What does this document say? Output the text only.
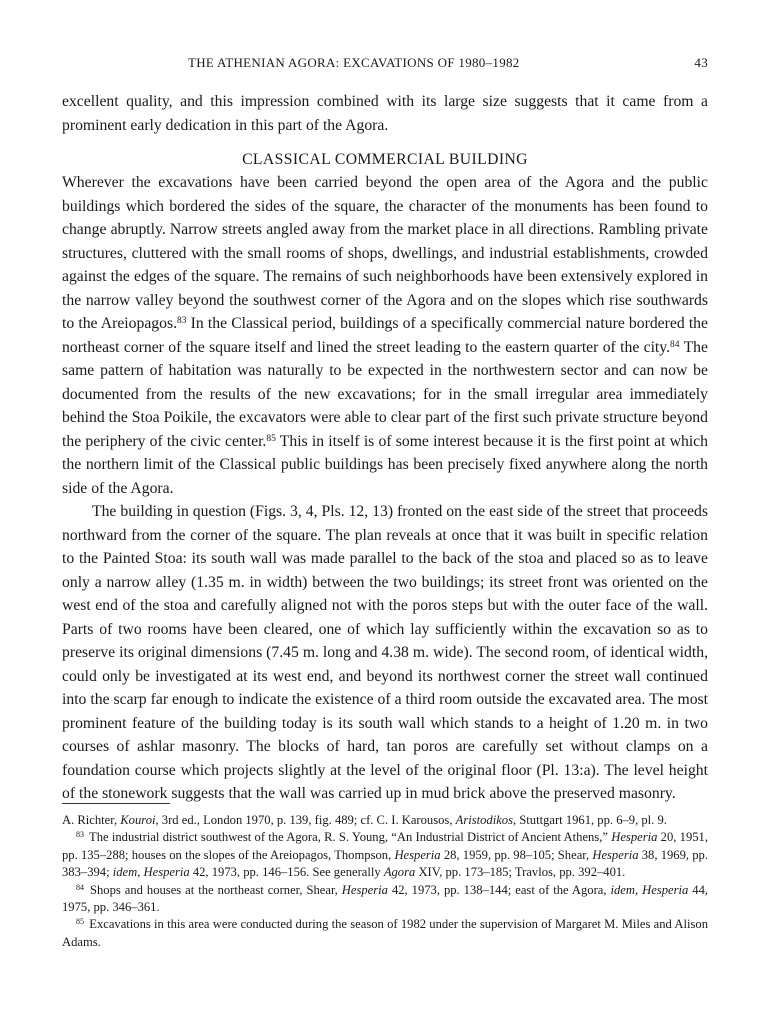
THE ATHENIAN AGORA: EXCAVATIONS OF 1980–1982	43

excellent quality, and this impression combined with its large size suggests that it came from a prominent early dedication in this part of the Agora.

CLASSICAL COMMERCIAL BUILDING

Wherever the excavations have been carried beyond the open area of the Agora and the public buildings which bordered the sides of the square, the character of the monuments has been found to change abruptly. Narrow streets angled away from the market place in all directions. Rambling private structures, cluttered with the small rooms of shops, dwellings, and industrial establishments, crowded against the edges of the square. The remains of such neighborhoods have been extensively explored in the narrow valley beyond the southwest corner of the Agora and on the slopes which rise southwards to the Areiopagos.$^{83}$ In the Classical period, buildings of a specifically commercial nature bordered the northeast corner of the square itself and lined the street leading to the eastern quarter of the city.$^{84}$ The same pattern of habitation was naturally to be expected in the northwestern sector and can now be documented from the results of the new excavations; for in the small irregular area immediately behind the Stoa Poikile, the excavators were able to clear part of the first such private structure beyond the periphery of the civic center.$^{85}$ This in itself is of some interest because it is the first point at which the northern limit of the Classical public buildings has been precisely fixed anywhere along the north side of the Agora.

The building in question (Figs. 3, 4, Pls. 12, 13) fronted on the east side of the street that proceeds northward from the corner of the square. The plan reveals at once that it was built in specific relation to the Painted Stoa: its south wall was made parallel to the back of the stoa and placed so as to leave only a narrow alley (1.35 m. in width) between the two buildings; its street front was oriented on the west end of the stoa and carefully aligned not with the poros steps but with the outer face of the wall. Parts of two rooms have been cleared, one of which lay sufficiently within the excavation so as to preserve its original dimensions (7.45 m. long and 4.38 m. wide). The second room, of identical width, could only be investigated at its west end, and beyond its northwest corner the street wall continued into the scarp far enough to indicate the existence of a third room outside the excavated area. The most prominent feature of the building today is its south wall which stands to a height of 1.20 m. in two courses of ashlar masonry. The blocks of hard, tan poros are carefully set without clamps on a foundation course which projects slightly at the level of the original floor (Pl. 13:a). The level height of the stonework suggests that the wall was carried up in mud brick above the preserved masonry.

A. Richter, Kouroi, 3rd ed., London 1970, p. 139, fig. 489; cf. C. I. Karousos, Aristodikos, Stuttgart 1961, pp. 6–9, pl. 9.

$^{83}$ The industrial district southwest of the Agora, R. S. Young, “An Industrial District of Ancient Athens,” Hesperia 20, 1951, pp. 135–288; houses on the slopes of the Areiopagos, Thompson, Hesperia 28, 1959, pp. 98–105; Shear, Hesperia 38, 1969, pp. 383–394; idem, Hesperia 42, 1973, pp. 146–156. See generally Agora XIV, pp. 173–185; Travlos, pp. 392–401.

$^{84}$ Shops and houses at the northeast corner, Shear, Hesperia 42, 1973, pp. 138–144; east of the Agora, idem, Hesperia 44, 1975, pp. 346–361.

$^{85}$ Excavations in this area were conducted during the season of 1982 under the supervision of Margaret M. Miles and Alison Adams.
